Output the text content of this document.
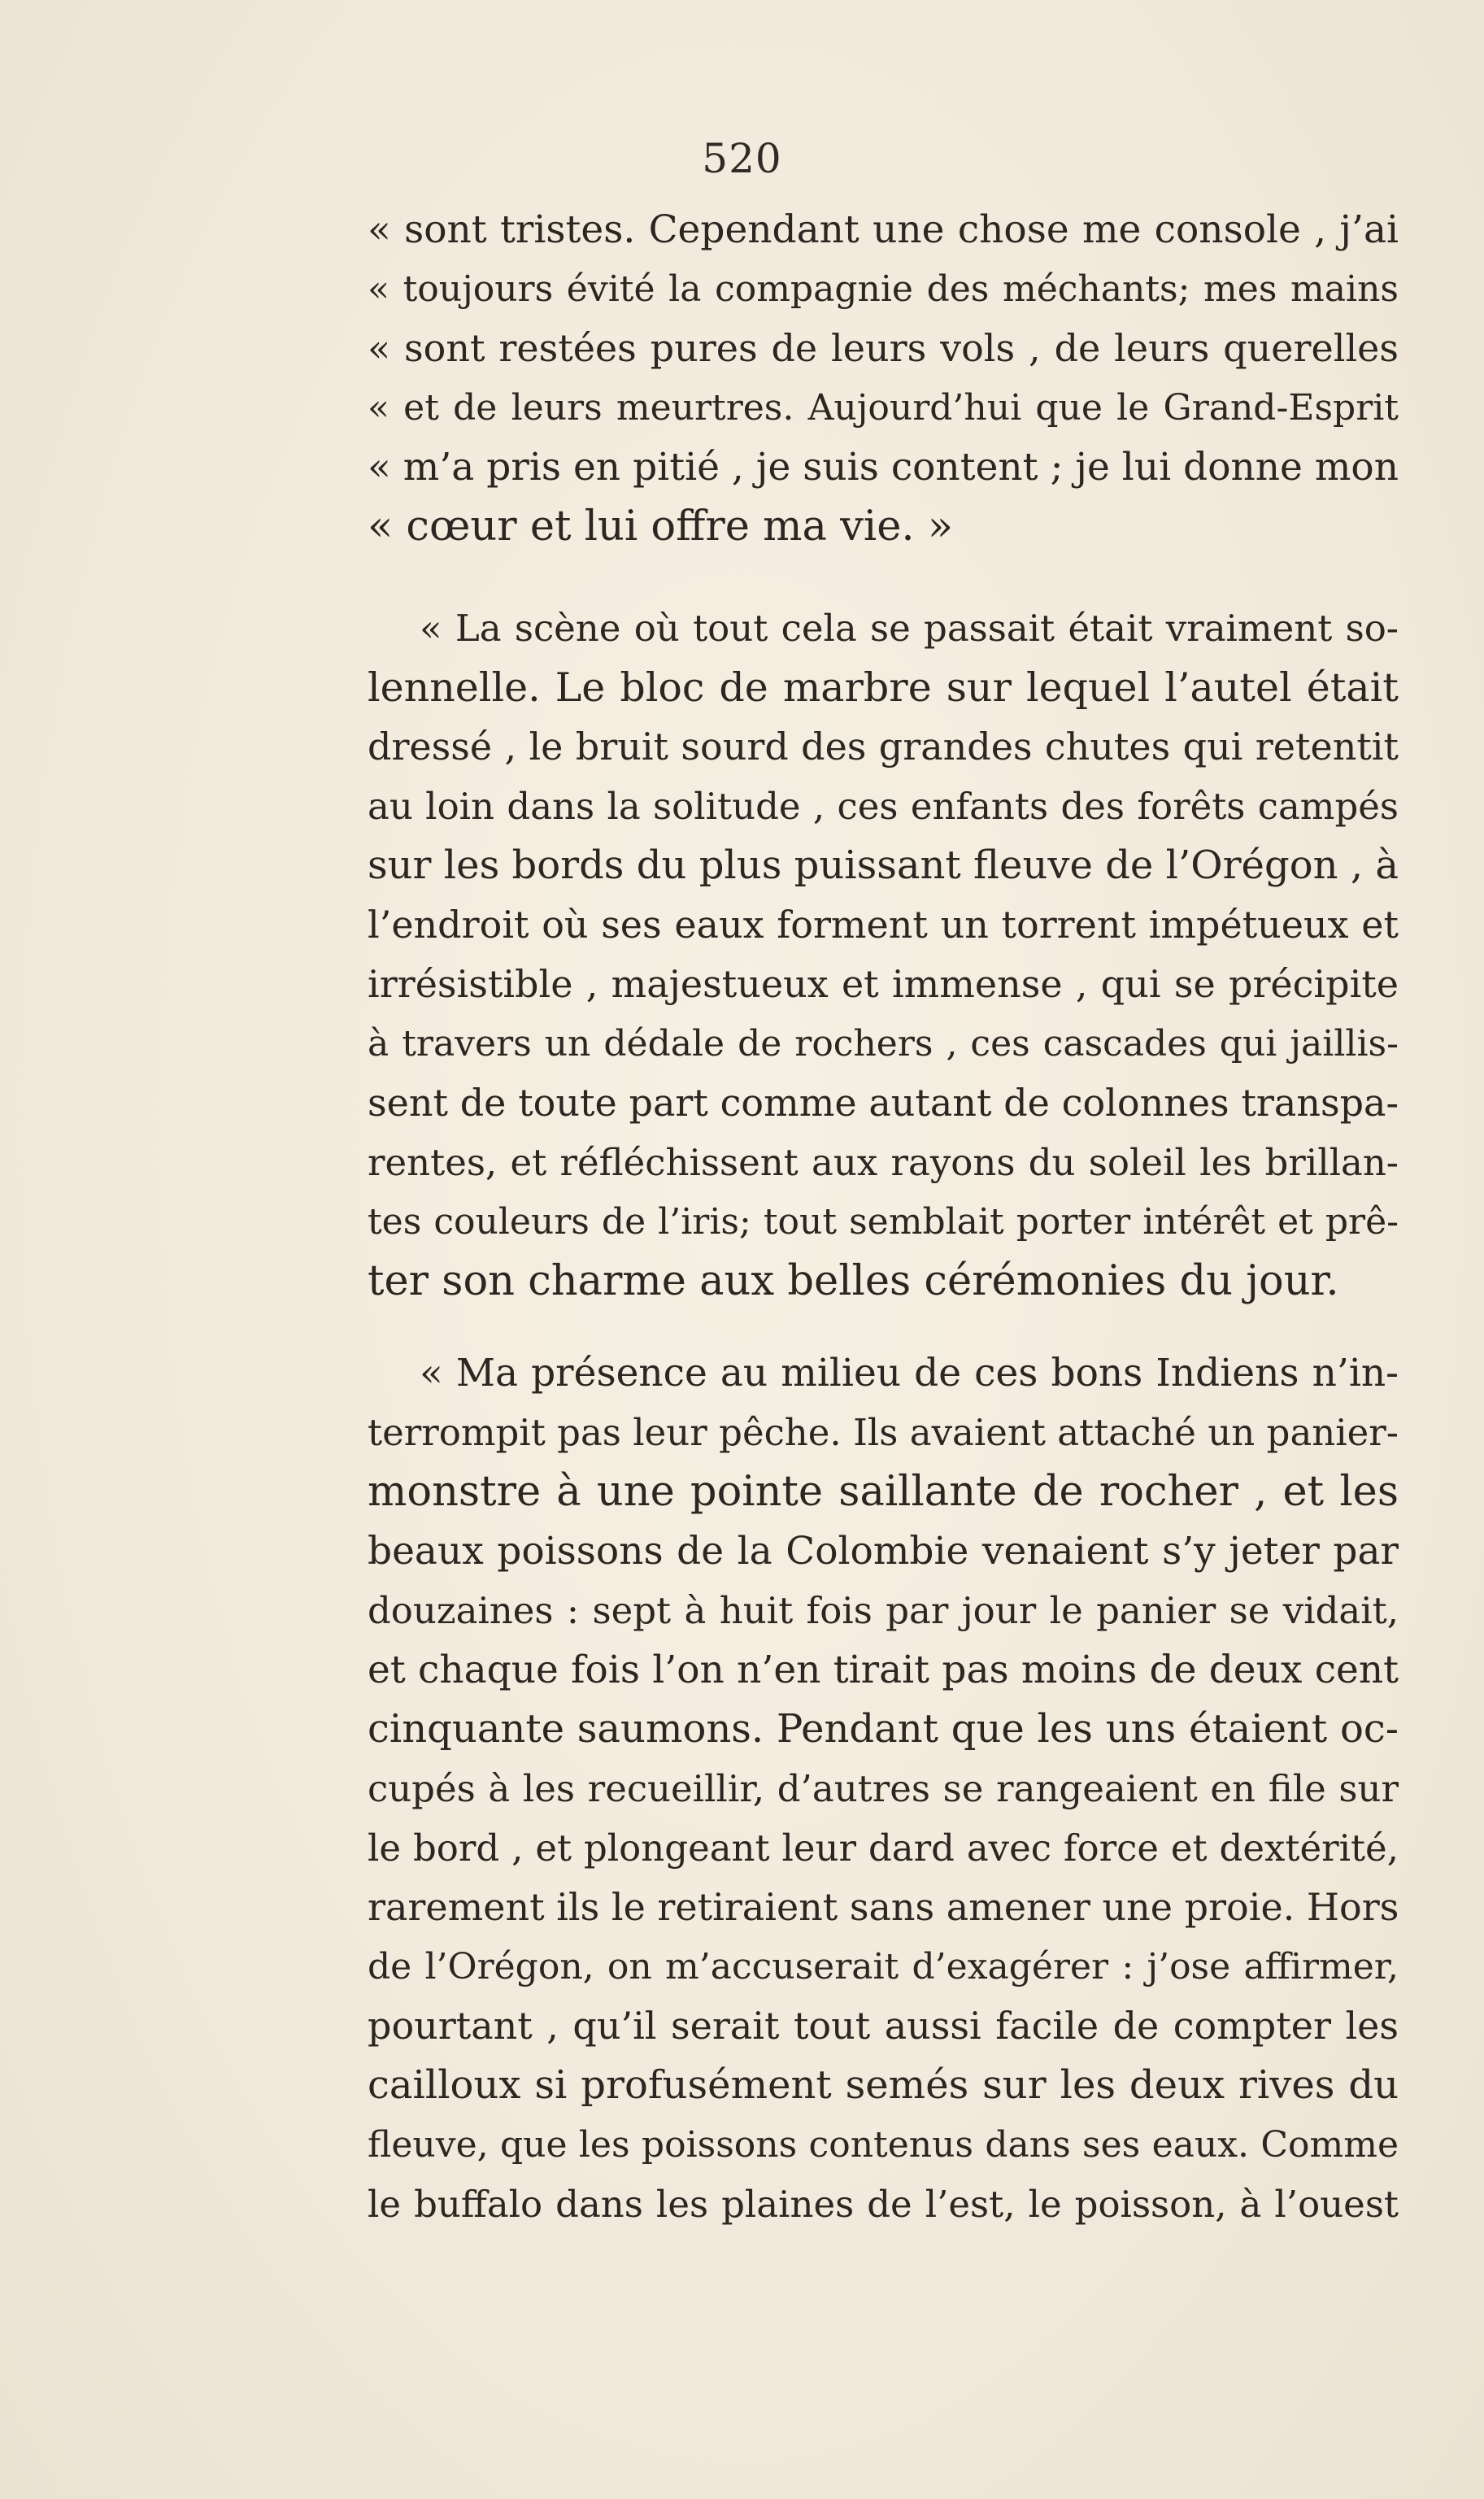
520
« sont tristes. Cependant une chose me console , j’ai
« toujours évité la compagnie des méchants; mes mains
« sont restées pures de leurs vols , de leurs querelles
« et de leurs meurtres. Aujourd’hui que le Grand-Esprit
« m’a pris en pitié , je suis content ; je lui donne mon
« cœur et lui offre ma vie. »
« La scène où tout cela se passait était vraiment so-
lennelle. Le bloc de marbre sur lequel l’autel était
dressé , le bruit sourd des grandes chutes qui retentit
au loin dans la solitude , ces enfants des forêts campés
sur les bords du plus puissant fleuve de l’Orégon , à
l’endroit où ses eaux forment un torrent impétueux et
irrésistible , majestueux et immense , qui se précipite
à travers un dédale de rochers , ces cascades qui jaillis-
sent de toute part comme autant de colonnes transpa-
rentes, et réfléchissent aux rayons du soleil les brillan-
tes couleurs de l’iris; tout semblait porter intérêt et prê-
ter son charme aux belles cérémonies du jour.
« Ma présence au milieu de ces bons Indiens n’in-
terrompit pas leur pêche. Ils avaient attaché un panier-
monstre à une pointe saillante de rocher , et les
beaux poissons de la Colombie venaient s’y jeter par
douzaines : sept à huit fois par jour le panier se vidait,
et chaque fois l’on n’en tirait pas moins de deux cent
cinquante saumons. Pendant que les uns étaient oc-
cupés à les recueillir, d’autres se rangeaient en file sur
le bord , et plongeant leur dard avec force et dextérité,
rarement ils le retiraient sans amener une proie. Hors
de l’Orégon, on m’accuserait d’exagérer : j’ose affirmer,
pourtant , qu’il serait tout aussi facile de compter les
cailloux si profusément semés sur les deux rives du
fleuve, que les poissons contenus dans ses eaux. Comme
le buffalo dans les plaines de l’est, le poisson, à l’ouest
